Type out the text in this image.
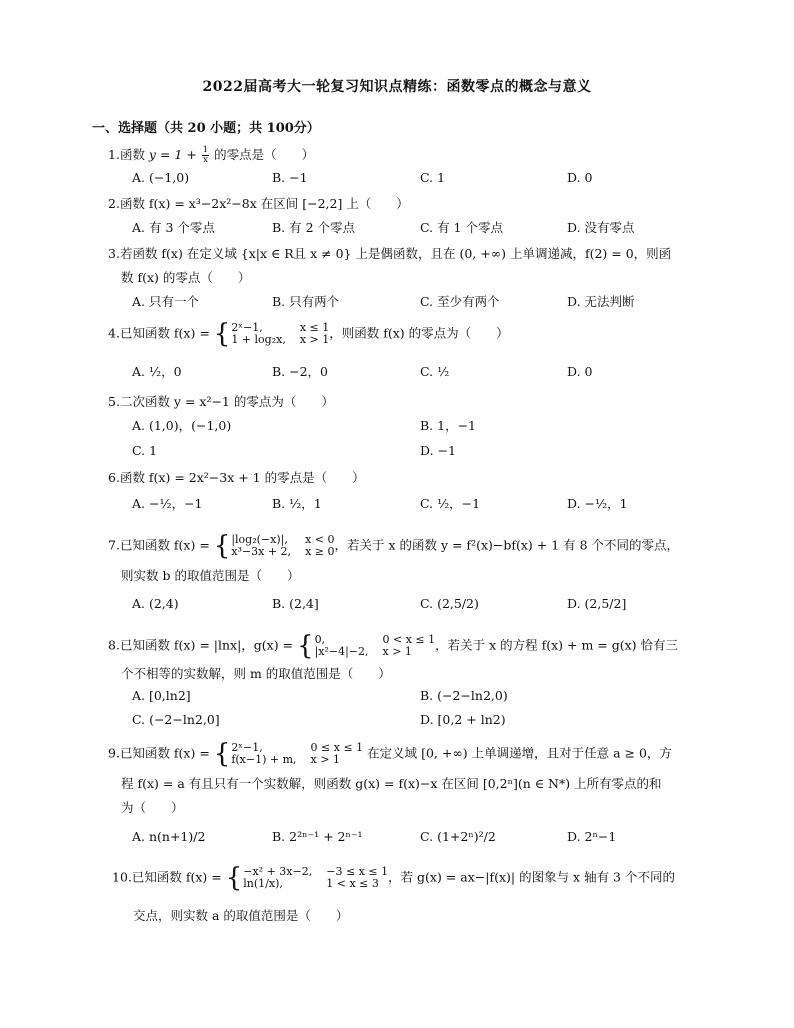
2022届高考大一轮复习知识点精练：函数零点的概念与意义
一、选择题（共 20 小题；共 100分）
1.函数 $y = 1 + \frac{1}{x}$ 的零点是（　　）
A. (−1,0)	B. −1	C. 1	D. 0
2.函数 f(x) = x³−2x²−8x 在区间 [−2,2] 上（　　）
A. 有 3 个零点	B. 有 2 个零点	C. 有 1 个零点	D. 没有零点
3.若函数 f(x) 在定义域 {x|x ∈ R且 x ≠ 0} 上是偶函数，且在 (0, +∞) 上单调递减，f(2) = 0，则函
数 f(x) 的零点（　　）
A. 只有一个	B. 只有两个	C. 至少有两个	D. 无法判断
4.已知函数 f(x) = { 2ˣ−1,	x ≤ 1
1 + log₂x, x > 1 ，则函数 f(x) 的零点为（　　）
A. ½，0	B. −2，0	C. ½	D. 0
5.二次函数 y = x²−1 的零点为（　　）
A. (1,0)，(−1,0)	B. 1，−1
C. 1	D. −1
6.函数 f(x) = 2x²−3x + 1 的零点是（　　）
A. −½，−1	B. ½，1	C. ½，−1	D. −½，1
7.已知函数 f(x) = { |log₂(−x)|, x < 0
x³−3x + 2, x ≥ 0 ，若关于 x 的函数 y = f²(x)−bf(x) + 1 有 8 个不同的零点，
则实数 b 的取值范围是（　　）
A. (2,4)	B. (2,4]	C. (2,5/2)	D. (2,5/2]
8.已知函数 f(x) = |lnx|，g(x) = { 0,	0 < x ≤ 1
|x²−4|−2, x > 1	，若关于 x 的方程 f(x) + m = g(x) 恰有三
个不相等的实数解，则 m 的取值范围是（　　）
A. [0,ln2]	B. (−2−ln2,0)
C. (−2−ln2,0]	D. [0,2 + ln2)
9.已知函数 f(x) = { 2ˣ−1,	0 ≤ x ≤ 1
f(x−1) + m, x > 1	在定义域 [0, +∞) 上单调递增，且对于任意 a ≥ 0，方
程 f(x) = a 有且只有一个实数解，则函数 g(x) = f(x)−x 在区间 [0,2ⁿ](n ∈ N*) 上所有零点的和
为（　　）
A. n(n+1)/2	B. 2²ⁿ⁻¹ + 2ⁿ⁻¹	C. (1+2ⁿ)²/2	D. 2ⁿ−1
10.已知函数 f(x) = { −x² + 3x−2, −3 ≤ x ≤ 1
ln(1/x),	1 < x ≤ 3 ，若 g(x) = ax−|f(x)| 的图象与 x 轴有 3 个不同的
交点，则实数 a 的取值范围是（　　）
